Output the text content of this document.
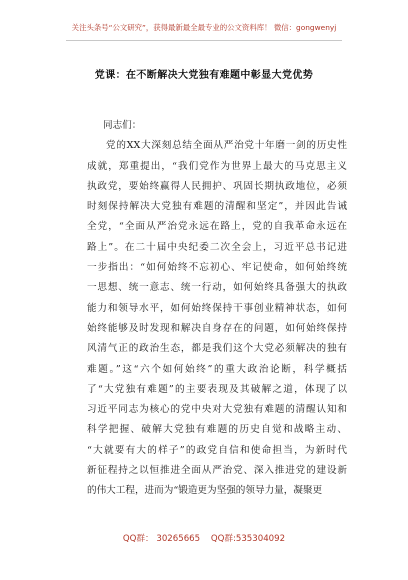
关注头条号“公文研究”，获得最新最全最专业的公文资料库！ 微信：gongwenyj
党课：在不断解决大党独有难题中彰显大党优势
同志们：
党的XX大深刻总结全面从严治党十年磨一剑的历史性
成就，郑重提出，“我们党作为世界上最大的马克思主义
执政党，要始终赢得人民拥护、巩固长期执政地位，必须
时刻保持解决大党独有难题的清醒和坚定”，并因此告诫
全党，“全面从严治党永远在路上，党的自我革命永远在
路上”。在二十届中央纪委二次全会上，习近平总书记进
一步指出：“如何始终不忘初心、牢记使命，如何始终统
一思想、统一意志、统一行动，如何始终具备强大的执政
能力和领导水平，如何始终保持干事创业精神状态，如何
始终能够及时发现和解决自身存在的问题，如何始终保持
风清气正的政治生态，都是我们这个大党必须解决的独有
难题。”这“六个如何始终”的重大政治论断，科学概括
了“大党独有难题”的主要表现及其破解之道，体现了以
习近平同志为核心的党中央对大党独有难题的清醒认知和
科学把握、破解大党独有难题的历史自觉和战略主动、
“大就要有大的样子”的政党自信和使命担当，为新时代
新征程持之以恒推进全面从严治党、深入推进党的建设新
的伟大工程，进而为“锻造更为坚强的领导力量，凝聚更
QQ群： 30265665 QQ群:535304092
